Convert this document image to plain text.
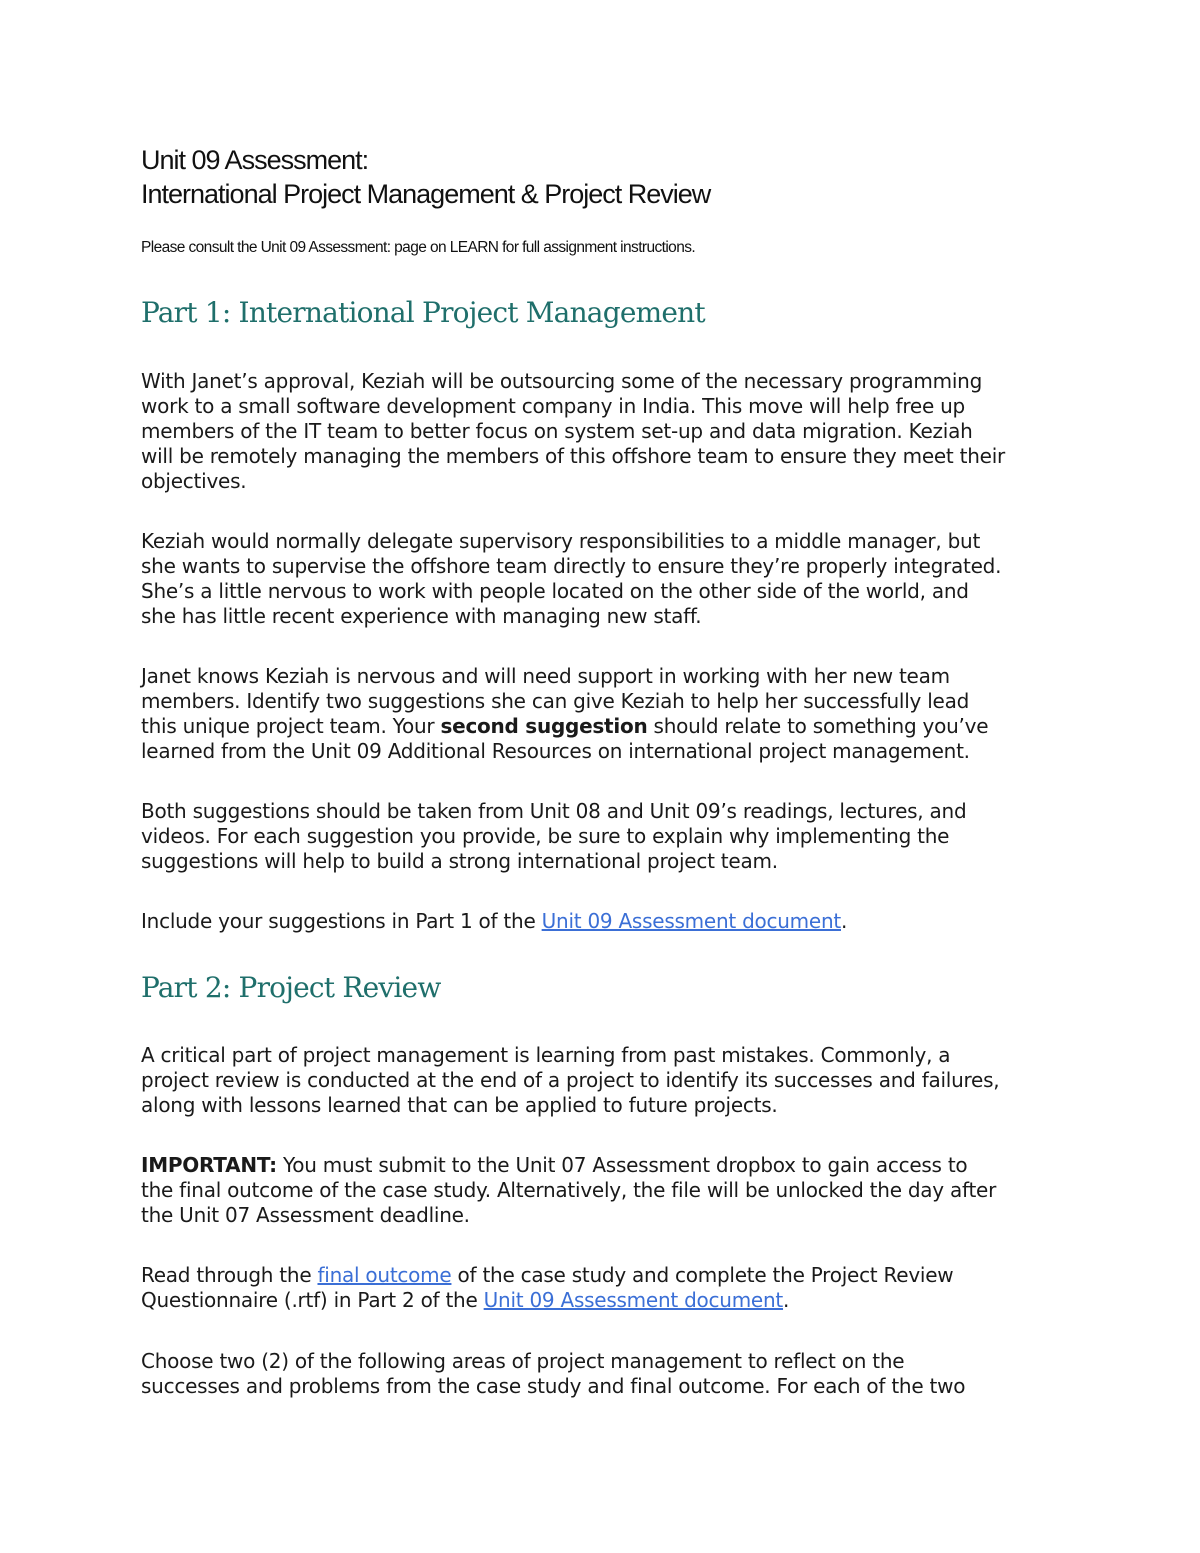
Unit 09 Assessment:
International Project Management & Project Review
Please consult the Unit 09 Assessment: page on LEARN for full assignment instructions.
Part 1: International Project Management

With Janet’s approval, Keziah will be outsourcing some of the necessary programming
work to a small software development company in India. This move will help free up
members of the IT team to better focus on system set-up and data migration. Keziah
will be remotely managing the members of this offshore team to ensure they meet their
objectives.

Keziah would normally delegate supervisory responsibilities to a middle manager, but
she wants to supervise the offshore team directly to ensure they’re properly integrated.
She’s a little nervous to work with people located on the other side of the world, and
she has little recent experience with managing new staff.

Janet knows Keziah is nervous and will need support in working with her new team
members. Identify two suggestions she can give Keziah to help her successfully lead
this unique project team. Your second suggestion should relate to something you’ve
learned from the Unit 09 Additional Resources on international project management.

Both suggestions should be taken from Unit 08 and Unit 09’s readings, lectures, and
videos. For each suggestion you provide, be sure to explain why implementing the
suggestions will help to build a strong international project team.

Include your suggestions in Part 1 of the Unit 09 Assessment document.

Part 2: Project Review

A critical part of project management is learning from past mistakes. Commonly, a
project review is conducted at the end of a project to identify its successes and failures,
along with lessons learned that can be applied to future projects.

IMPORTANT: You must submit to the Unit 07 Assessment dropbox to gain access to
the final outcome of the case study. Alternatively, the file will be unlocked the day after
the Unit 07 Assessment deadline.

Read through the final outcome of the case study and complete the Project Review
Questionnaire (.rtf) in Part 2 of the Unit 09 Assessment document.

Choose two (2) of the following areas of project management to reflect on the
successes and problems from the case study and final outcome. For each of the two
